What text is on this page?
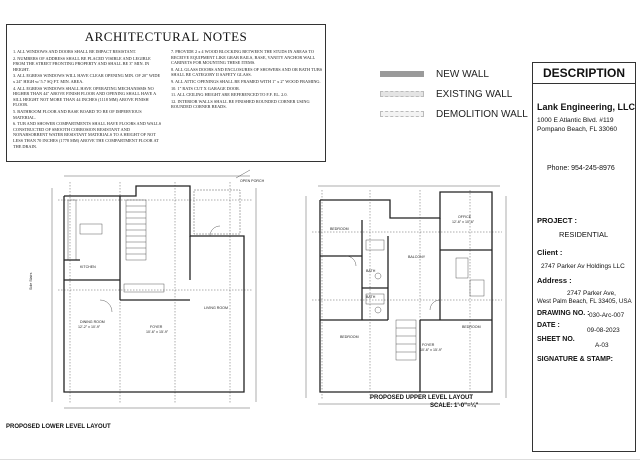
ARCHITECTURAL NOTES

1. ALL WINDOWS AND DOORS SHALL BE IMPACT RESISTANT.

2. NUMBERS OF ADDRESS SHALL BE PLACED VISIBLE AND LEGIBLE FROM THE STREET FRONTING PROPERTY AND SHALL BE 3" MIN. IN HEIGHT.

3. ALL EGRESS WINDOWS WILL HAVE CLEAR OPENING MIN. OF 20" WIDE x 24" HIGH w/ 5.7 SQ FT. MIN. AREA.

4. ALL EGRESS WINDOWS SHALL HAVE OPERATING MECHANISMS NO HIGHER THAN 44" ABOVE FINISH FLOOR AND OPENING SHALL HAVE A SILL HEIGHT NOT MORE THAN 44 INCHES (1118 MM) ABOVE FINISH FLOOR.

5. BATHROOM FLOOR AND BASE BOARD TO BE OF IMPERVIOUS MATERIAL.

6. TUB AND SHOWER COMPARTMENTS SHALL HAVE FLOORS AND WALLS CONSTRUCTED OF SMOOTH CORROSION RESISTANT AND NONABSORBENT WATER RESISTANT MATERIALS TO A HEIGHT OF NOT LESS THAN 70 INCHES (1778 MM) ABOVE THE COMPARTMENT FLOOR AT THE DRAIN.

7. PROVIDE 2 x 4 WOOD BLOCKING BETWEEN THE STUDS IN AREAS TO RECEIVE EQUIPMENT LIKE GRAB RAILS, BASE, VANITY ANCHOR WALL CABINETS FOR MOUNTING THESE ITEMS.

8. ALL GLASS DOORS AND ENCLOSURES OF SHOWERS AND OR BATH TUBS SHALL BE CATEGORY II SAFETY GLASS.

9. ALL ATTIC OPENINGS SHALL BE FRAMED WITH 1" x 2" WOOD FRAMING.

10. 1" RATS CUT X GARAGE DOOR.

11. ALL CEILING HEIGHT ARE REFERENCED TO F.F. EL. 2.0.

12. INTERIOR WALLS SHALL BE FINISHED ROUNDED CORNER USING ROUNDED CORNER BEADS.

NEW WALL
EXISTING WALL
DEMOLITION WALL
KITCHEN
DINING ROOM
12'-2" x 10'-9"	FOYER
10'-6" x 15'-9"
LIVING ROOM
OPEN PORCH
Side Stairs
BEDROOM
BATH
BATH
BEDROOM
BALCONY
OFFICE
12'-6" x 10'-6"
BEDROOM
FOYER
10'-6" x 15'-9"
PROPOSED LOWER LEVEL LAYOUT
PROPOSED UPPER LEVEL LAYOUT
SCALE: 1'-0"=¼"
DESCRIPTION
Lank Engineering, LLC
1000 E Atlantic Blvd. #119
Pompano Beach, FL 33060
Phone: 954-245-8976
PROJECT :
RESIDENTIAL
Client :
2747 Parker Av Holdings LLC
Address :
2747 Parker Ave,
West Palm Beach, FL 33405, USA
DRAWING NO. : 030-Arc-007
DATE :
09-08-2023
SHEET NO.
A-03
SIGNATURE & STAMP:
